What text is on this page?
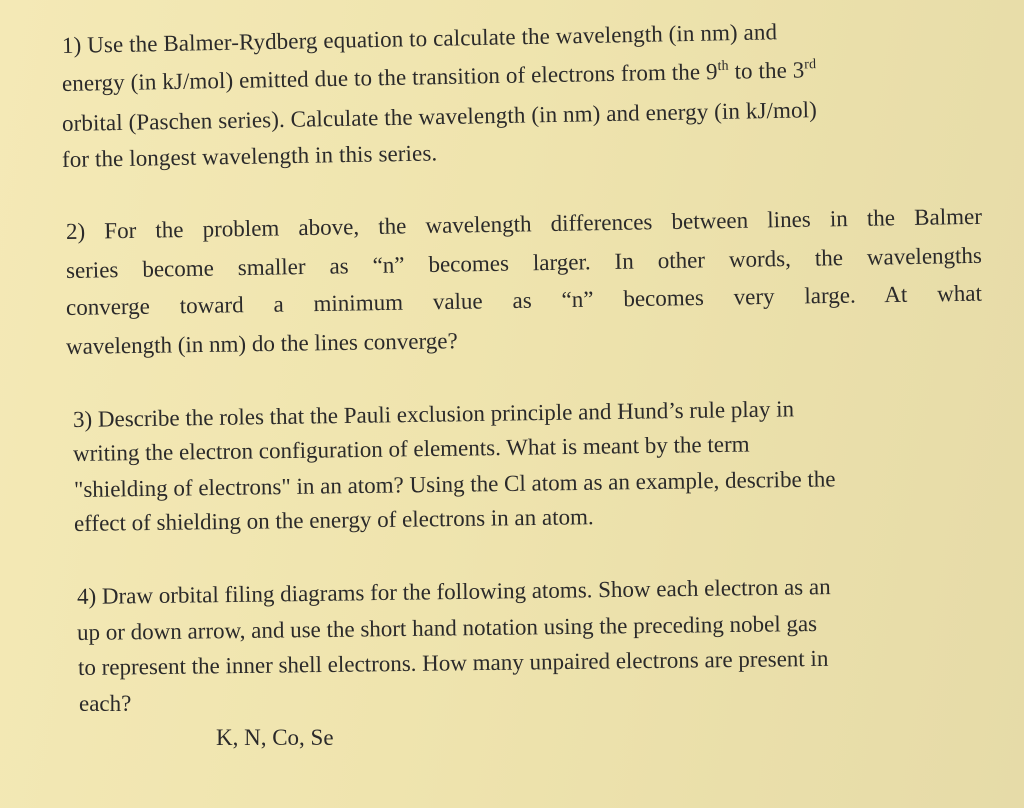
1) Use the Balmer-Rydberg equation to calculate the wavelength (in nm) and
energy (in kJ/mol) emitted due to the transition of electrons from the 9th to the 3rd
orbital (Paschen series). Calculate the wavelength (in nm) and energy (in kJ/mol)
for the longest wavelength in this series.
2) For the problem above, the wavelength differences between lines in the Balmer
series become smaller as “n” becomes larger. In other words, the wavelengths
converge toward a minimum value as “n” becomes very large. At what
wavelength (in nm) do the lines converge?
3) Describe the roles that the Pauli exclusion principle and Hund’s rule play in
writing the electron configuration of elements. What is meant by the term
"shielding of electrons" in an atom? Using the Cl atom as an example, describe the
effect of shielding on the energy of electrons in an atom.
4) Draw orbital filing diagrams for the following atoms. Show each electron as an
up or down arrow, and use the short hand notation using the preceding nobel gas
to represent the inner shell electrons. How many unpaired electrons are present in
each?
K, N, Co, Se
